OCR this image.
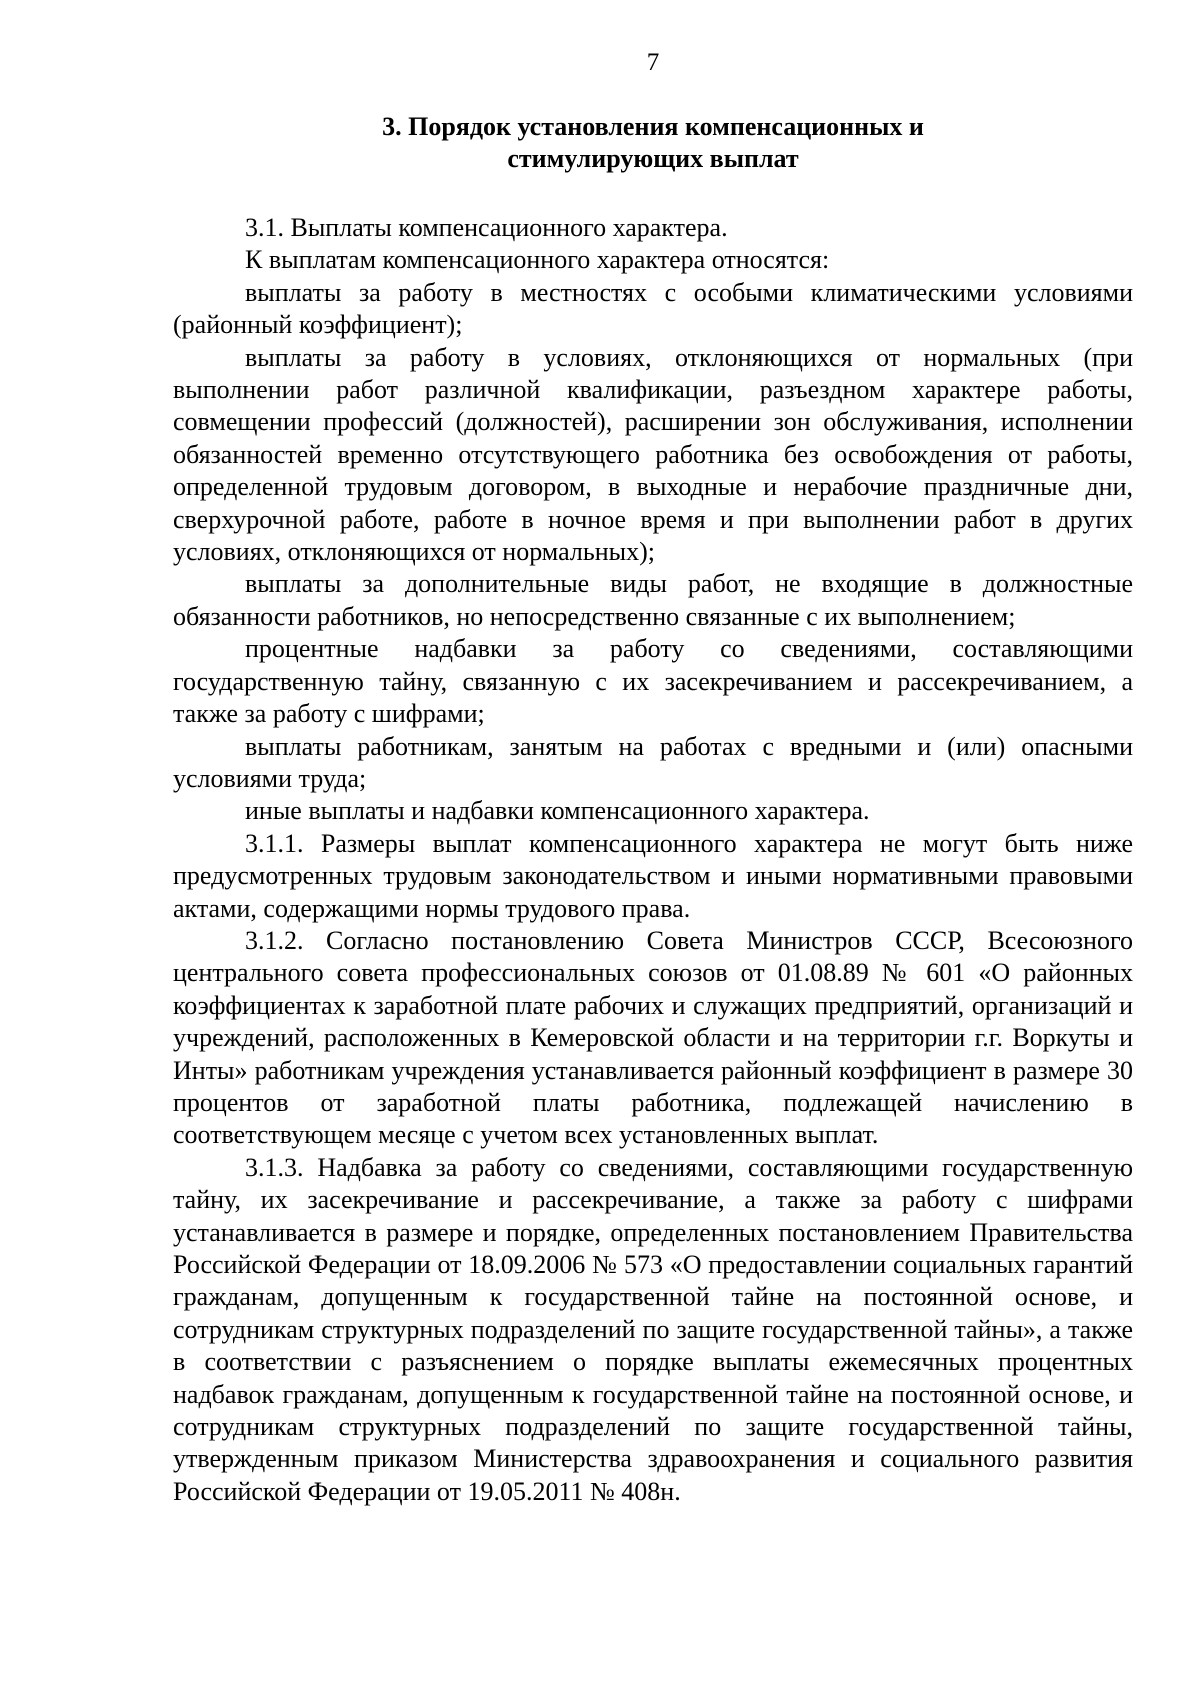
7
3. Порядок установления компенсационных и
стимулирующих выплат

3.1. Выплаты компенсационного характера.

К выплатам компенсационного характера относятся:

выплаты за работу в местностях с особыми климатическими условиями (районный коэффициент);

выплаты за работу в условиях, отклоняющихся от нормальных (при выполнении работ различной квалификации, разъездном характере работы, совмещении профессий (должностей), расширении зон обслуживания, исполнении обязанностей временно отсутствующего работника без освобождения от работы, определенной трудовым договором, в выходные и нерабочие праздничные дни, сверхурочной работе, работе в ночное время и при выполнении работ в других условиях, отклоняющихся от нормальных);

выплаты за дополнительные виды работ, не входящие в должностные обязанности работников, но непосредственно связанные с их выполнением;

процентные надбавки за работу со сведениями, составляющими государственную тайну, связанную с их засекречиванием и рассекречиванием, а также за работу с шифрами;

выплаты работникам, занятым на работах с вредными и (или) опасными условиями труда;

иные выплаты и надбавки компенсационного характера.

3.1.1. Размеры выплат компенсационного характера не могут быть ниже предусмотренных трудовым законодательством и иными нормативными правовыми актами, содержащими нормы трудового права.

3.1.2. Согласно постановлению Совета Министров СССР, Всесоюзного центрального совета профессиональных союзов от 01.08.89 № 601 «О районных коэффициентах к заработной плате рабочих и служащих предприятий, организаций и учреждений, расположенных в Кемеровской области и на территории г.г. Воркуты и Инты» работникам учреждения устанавливается районный коэффициент в размере 30 процентов от заработной платы работника, подлежащей начислению в соответствующем месяце с учетом всех установленных выплат.

3.1.3. Надбавка за работу со сведениями, составляющими государственную тайну, их засекречивание и рассекречивание, а также за работу с шифрами устанавливается в размере и порядке, определенных постановлением Правительства Российской Федерации от 18.09.2006 № 573 «О предоставлении социальных гарантий гражданам, допущенным к государственной тайне на постоянной основе, и сотрудникам структурных подразделений по защите государственной тайны», а также в соответствии с разъяснением о порядке выплаты ежемесячных процентных надбавок гражданам, допущенным к государственной тайне на постоянной основе, и сотрудникам структурных подразделений по защите государственной тайны, утвержденным приказом Министерства здравоохранения и социального развития Российской Федерации от 19.05.2011 № 408н.
